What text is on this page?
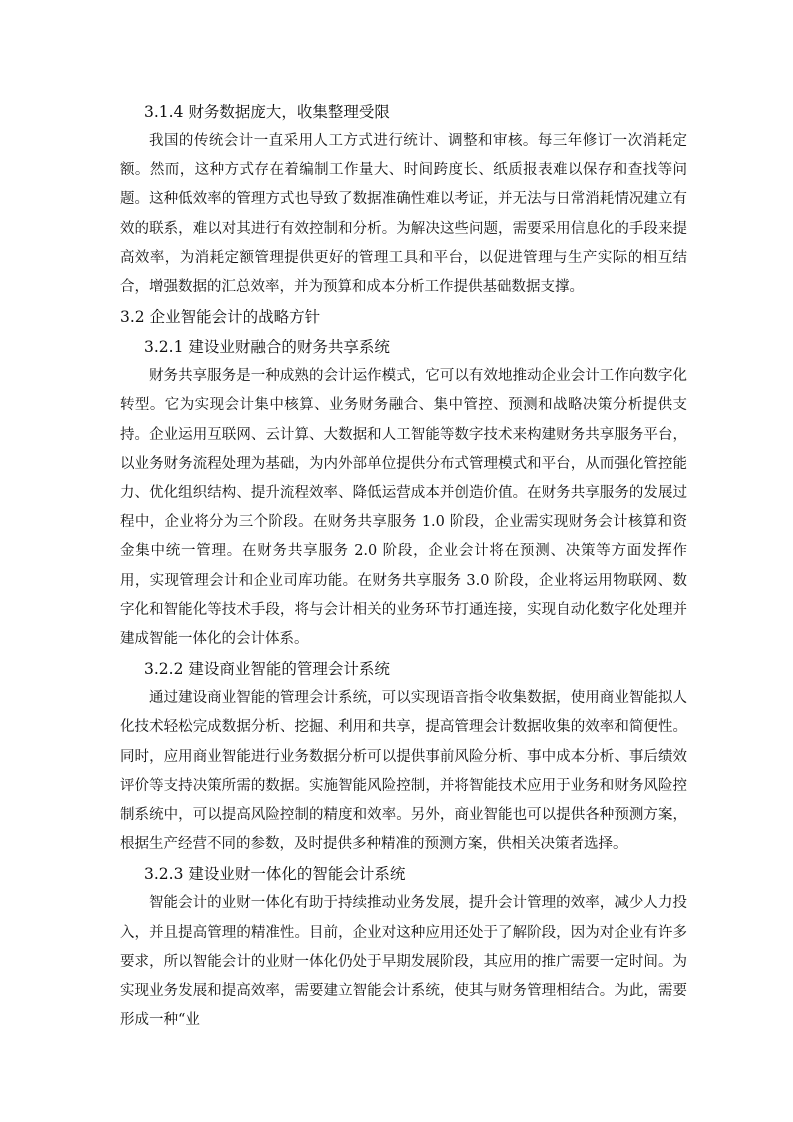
3.1.4 财务数据庞大，收集整理受限

我国的传统会计一直采用人工方式进行统计、调整和审核。每三年修订一次消耗定额。然而，这种方式存在着编制工作量大、时间跨度长、纸质报表难以保存和查找等问题。这种低效率的管理方式也导致了数据准确性难以考证，并无法与日常消耗情况建立有效的联系，难以对其进行有效控制和分析。为解决这些问题，需要采用信息化的手段来提高效率，为消耗定额管理提供更好的管理工具和平台，以促进管理与生产实际的相互结合，增强数据的汇总效率，并为预算和成本分析工作提供基础数据支撑。

3.2 企业智能会计的战略方针
3.2.1 建设业财融合的财务共享系统

财务共享服务是一种成熟的会计运作模式，它可以有效地推动企业会计工作向数字化转型。它为实现会计集中核算、业务财务融合、集中管控、预测和战略决策分析提供支持。企业运用互联网、云计算、大数据和人工智能等数字技术来构建财务共享服务平台，以业务财务流程处理为基础，为内外部单位提供分布式管理模式和平台，从而强化管控能力、优化组织结构、提升流程效率、降低运营成本并创造价值。在财务共享服务的发展过程中，企业将分为三个阶段。在财务共享服务 1.0 阶段，企业需实现财务会计核算和资金集中统一管理。在财务共享服务 2.0 阶段，企业会计将在预测、决策等方面发挥作用，实现管理会计和企业司库功能。在财务共享服务 3.0 阶段，企业将运用物联网、数字化和智能化等技术手段，将与会计相关的业务环节打通连接，实现自动化数字化处理并建成智能一体化的会计体系。

3.2.2 建设商业智能的管理会计系统

通过建设商业智能的管理会计系统，可以实现语音指令收集数据，使用商业智能拟人化技术轻松完成数据分析、挖掘、利用和共享，提高管理会计数据收集的效率和简便性。同时，应用商业智能进行业务数据分析可以提供事前风险分析、事中成本分析、事后绩效评价等支持决策所需的数据。实施智能风险控制，并将智能技术应用于业务和财务风险控制系统中，可以提高风险控制的精度和效率。另外，商业智能也可以提供各种预测方案，根据生产经营不同的参数，及时提供多种精准的预测方案，供相关决策者选择。

3.2.3 建设业财一体化的智能会计系统

智能会计的业财一体化有助于持续推动业务发展，提升会计管理的效率，减少人力投入，并且提高管理的精准性。目前，企业对这种应用还处于了解阶段，因为对企业有许多要求，所以智能会计的业财一体化仍处于早期发展阶段，其应用的推广需要一定时间。为实现业务发展和提高效率，需要建立智能会计系统，使其与财务管理相结合。为此，需要形成一种“业
